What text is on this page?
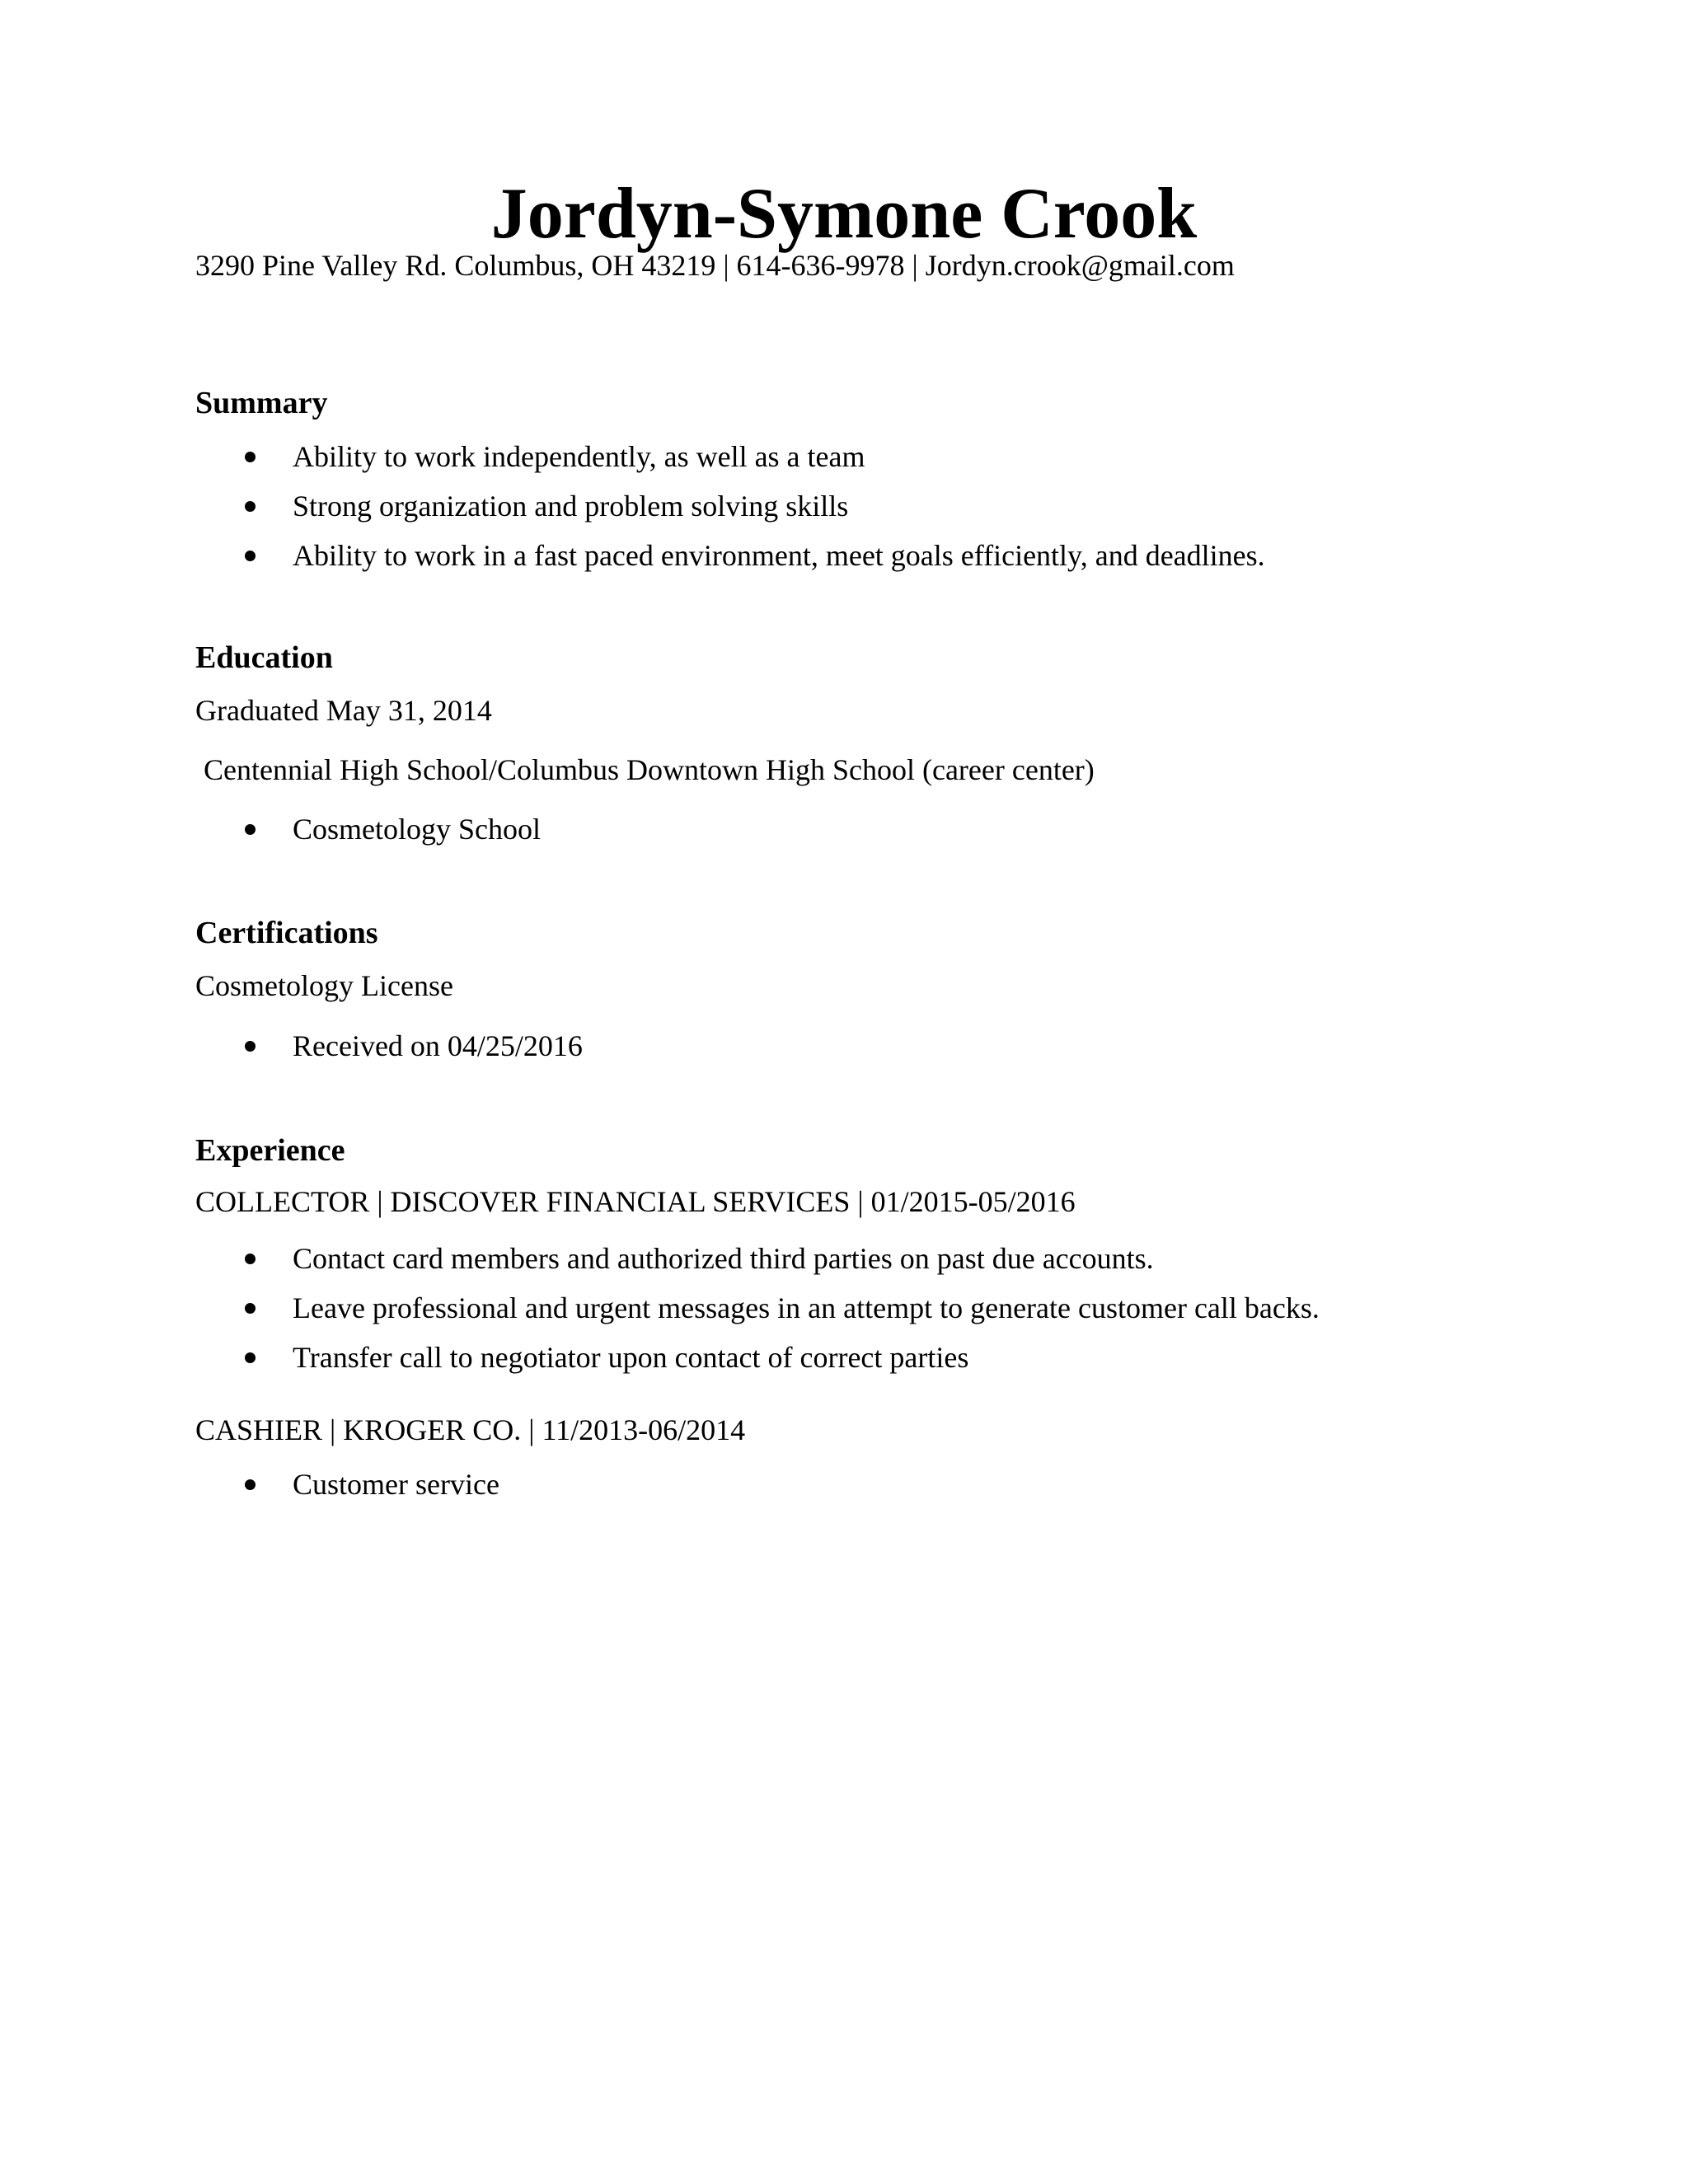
Jordyn-Symone Crook
3290 Pine Valley Rd. Columbus, OH 43219 | 614-636-9978 | Jordyn.crook@gmail.com
Summary
Ability to work independently, as well as a team
Strong organization and problem solving skills
Ability to work in a fast paced environment, meet goals efficiently, and deadlines.
Education
Graduated May 31, 2014
Centennial High School/Columbus Downtown High School (career center)
Cosmetology School
Certifications
Cosmetology License
Received on 04/25/2016
Experience
COLLECTOR | DISCOVER FINANCIAL SERVICES | 01/2015-05/2016
Contact card members and authorized third parties on past due accounts.
Leave professional and urgent messages in an attempt to generate customer call backs.
Transfer call to negotiator upon contact of correct parties
CASHIER | KROGER CO. | 11/2013-06/2014
Customer service
